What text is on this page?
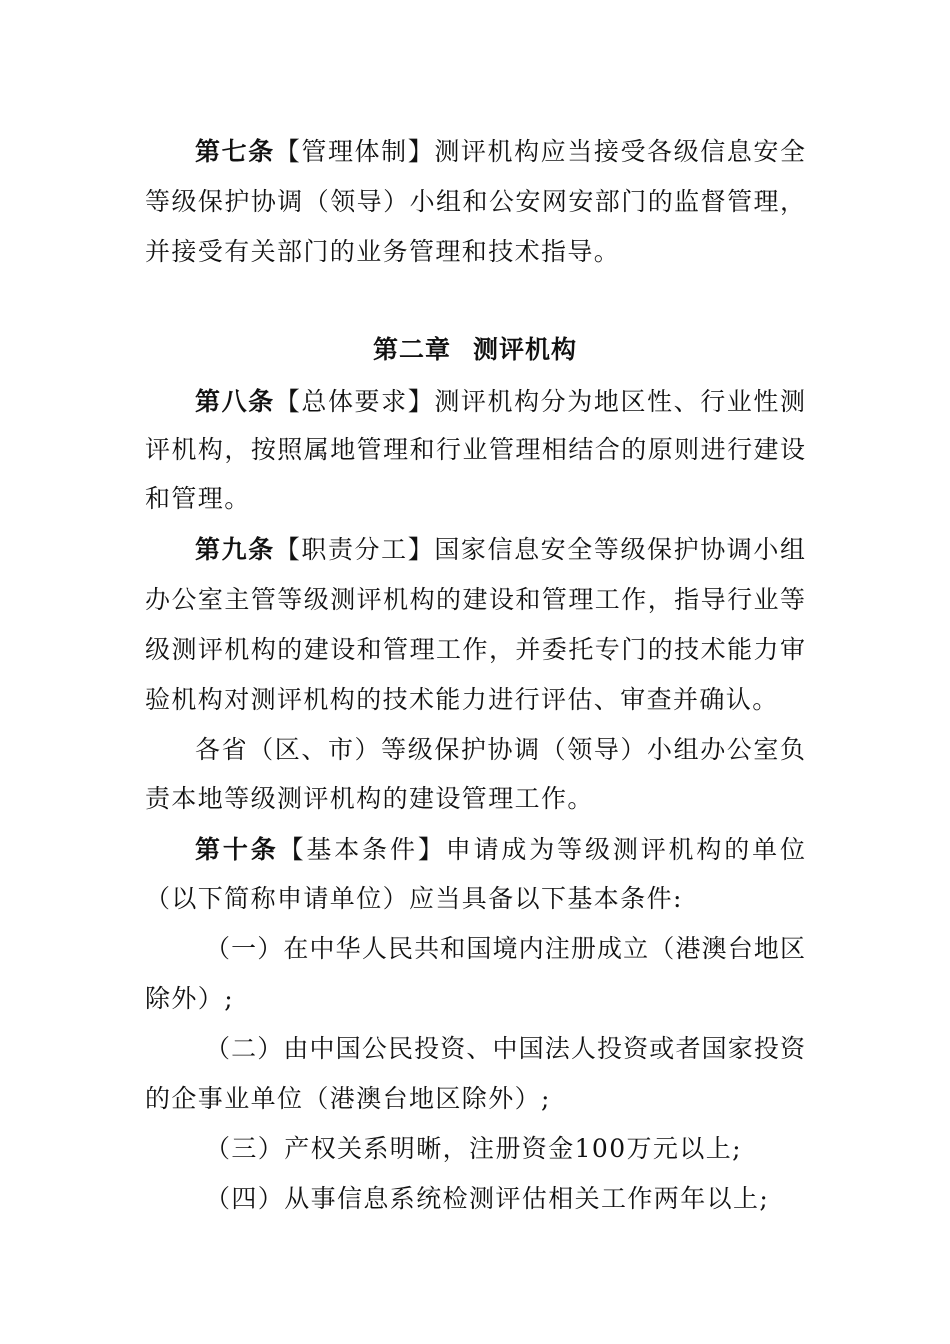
第七条【管理体制】测评机构应当接受各级信息安全
等级保护协调（领导）小组和公安网安部门的监督管理，
并接受有关部门的业务管理和技术指导。
第二章 测评机构
第八条【总体要求】测评机构分为地区性、行业性测
评机构，按照属地管理和行业管理相结合的原则进行建设
和管理。
第九条【职责分工】国家信息安全等级保护协调小组
办公室主管等级测评机构的建设和管理工作，指导行业等
级测评机构的建设和管理工作，并委托专门的技术能力审
验机构对测评机构的技术能力进行评估、审查并确认。
各省（区、市）等级保护协调（领导）小组办公室负
责本地等级测评机构的建设管理工作。
第十条【基本条件】申请成为等级测评机构的单位
（以下简称申请单位）应当具备以下基本条件:
（一）在中华人民共和国境内注册成立（港澳台地区
除外）;
（二）由中国公民投资、中国法人投资或者国家投资
的企事业单位（港澳台地区除外）;
（三）产权关系明晰，注册资金100万元以上;
（四）从事信息系统检测评估相关工作两年以上;
